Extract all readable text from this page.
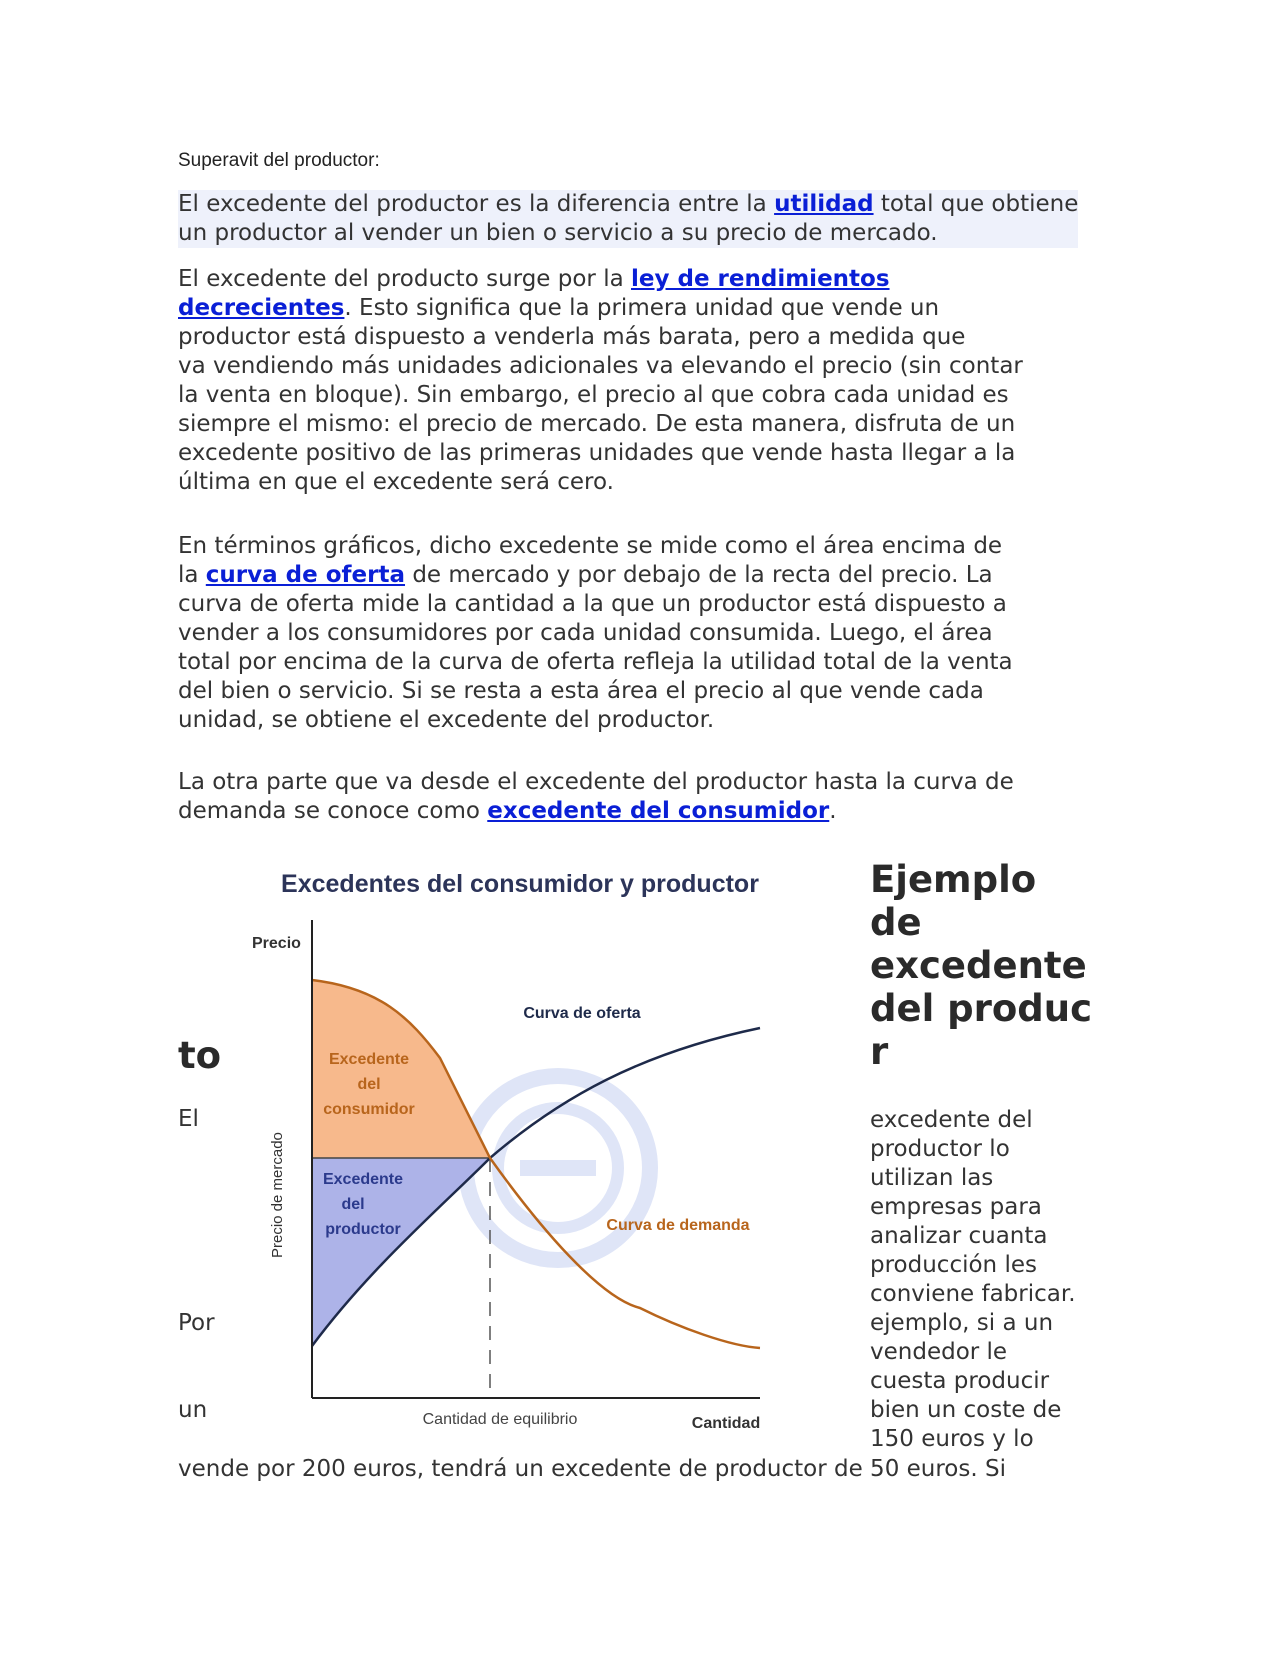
Superavit del productor:

El excedente del productor es la diferencia entre la utilidad total que obtiene
un productor al vender un bien o servicio a su precio de mercado.

El excedente del producto surge por la ley de rendimientos
decrecientes. Esto significa que la primera unidad que vende un
productor está dispuesto a venderla más barata, pero a medida que
va vendiendo más unidades adicionales va elevando el precio (sin contar
la venta en bloque). Sin embargo, el precio al que cobra cada unidad es
siempre el mismo: el precio de mercado. De esta manera, disfruta de un
excedente positivo de las primeras unidades que vende hasta llegar a la
última en que el excedente será cero.

En términos gráficos, dicho excedente se mide como el área encima de
la curva de oferta de mercado y por debajo de la recta del precio. La
curva de oferta mide la cantidad a la que un productor está dispuesto a
vender a los consumidores por cada unidad consumida. Luego, el área
total por encima de la curva de oferta refleja la utilidad total de la venta
del bien o servicio. Si se resta a esta área el precio al que vende cada
unidad, se obtiene el excedente del productor.

La otra parte que va desde el excedente del productor hasta la curva de
demanda se conoce como excedente del consumidor.

Excedentes del consumidor y productor
Precio
Precio de mercado
Cantidad de equilibrio	Cantidad
Curva de oferta
Curva de demanda
Excedente
del
consumidor
Excedente
del
productor
Ejemplo
de
excedente
del produc
r
to
El
Por
un
excedente del
productor lo
utilizan las
empresas para
analizar cuanta
producción les
conviene fabricar.
ejemplo, si a un
vendedor le
cuesta producir
bien un coste de
150 euros y lo
vende por 200 euros, tendrá un excedente de productor de 50 euros. Si
